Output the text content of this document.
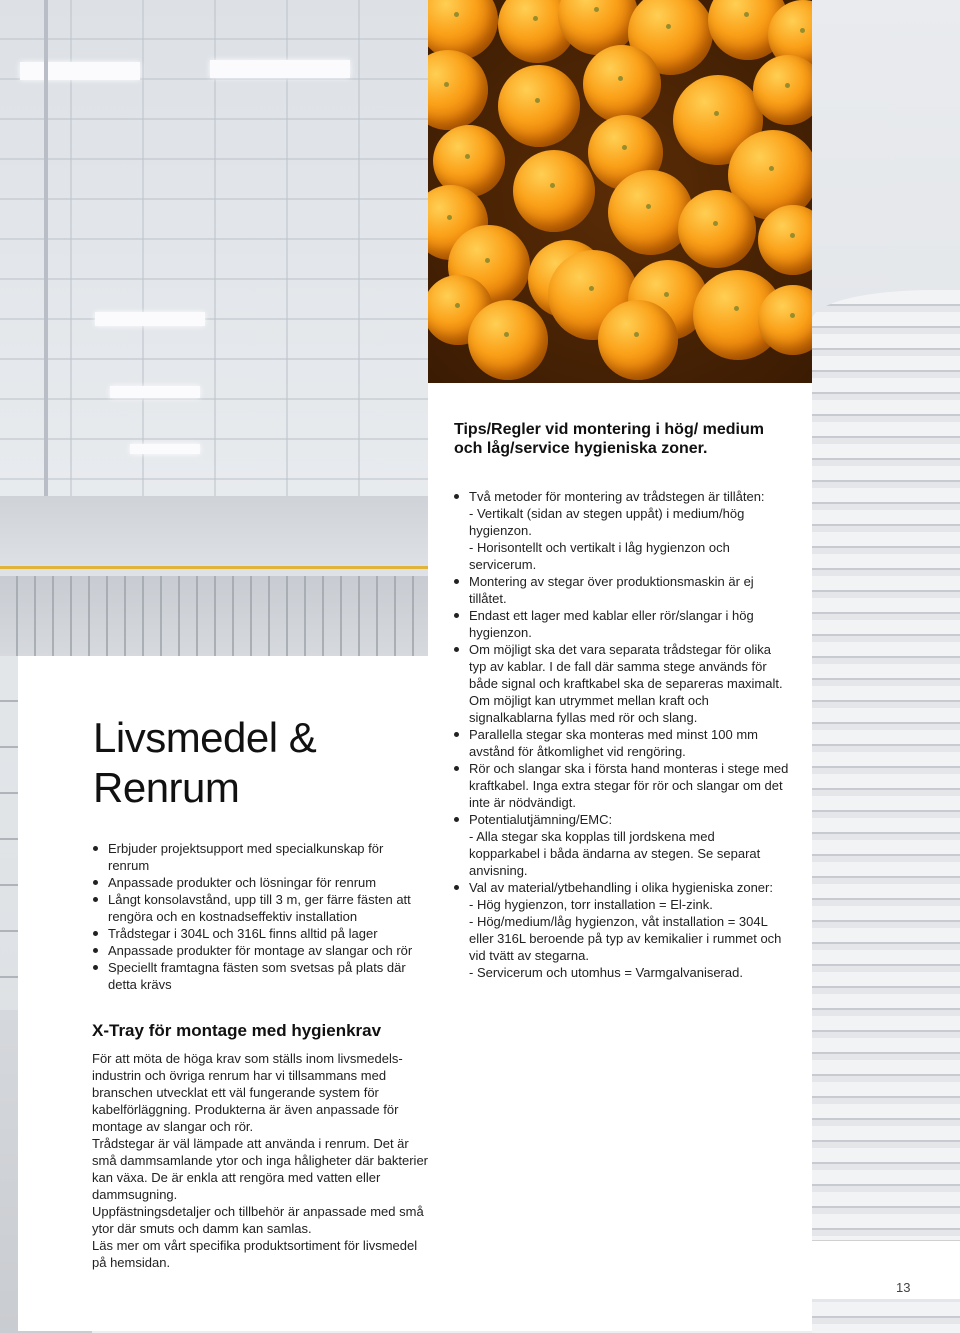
Livsmedel &
Renrum
Erbjuder projektsupport med specialkunskap för renrum
Anpassade produkter och lösningar för renrum
Långt konsolavstånd, upp till 3 m, ger färre fästen att rengöra och en kostnadseffektiv installation
Trådstegar i 304L och 316L finns alltid på lager
Anpassade produkter för montage av slangar och rör
Speciellt framtagna fästen som svetsas på plats där detta krävs
Tips/Regler vid montering i hög/ medium och låg/service hygieniska zoner.
Två metoder för montering av trådstegen är tillåten:
- Vertikalt (sidan av stegen uppåt) i medium/hög hygienzon.
- Horisontellt och vertikalt i låg hygienzon och servicerum.
Montering av stegar över produktionsmaskin är ej tillåtet.
Endast ett lager med kablar eller rör/slangar i hög hygienzon.
Om möjligt ska det vara separata trådstegar för olika typ av kablar. I de fall där samma stege används för både signal och kraftkabel ska de separeras maximalt. Om möjligt kan utrymmet mellan kraft och signalkablarna fyllas med rör och slang.
Parallella stegar ska monteras med minst 100 mm avstånd för åtkomlighet vid rengöring.
Rör och slangar ska i första hand monteras i stege med kraftkabel. Inga extra stegar för rör och slangar om det inte är nödvändigt.
Potentialutjämning/EMC:
- Alla stegar ska kopplas till jordskena med kopparkabel i båda ändarna av stegen. Se separat anvisning.
Val av material/ytbehandling i olika hygieniska zoner:
- Hög hygienzon, torr installation = El-zink.
- Hög/medium/låg hygienzon, våt installation = 304L eller 316L beroende på typ av kemikalier i rummet och vid tvätt av stegarna.
- Servicerum och utomhus = Varmgalvaniserad.
X-Tray för montage med hygienkrav

För att möta de höga krav som ställs inom livsmedels-industrin och övriga renrum har vi tillsammans med branschen utvecklat ett väl fungerande system för kabelförläggning. Produkterna är även anpassade för montage av slangar och rör.

Trådstegar är väl lämpade att använda i renrum. Det är små dammsamlande ytor och inga håligheter där bakterier kan växa. De är enkla att rengöra med vatten eller dammsugning.

Uppfästningsdetaljer och tillbehör är anpassade med små ytor där smuts och damm kan samlas.

Läs mer om vårt specifika produktsortiment för livsmedel på hemsidan.

13
